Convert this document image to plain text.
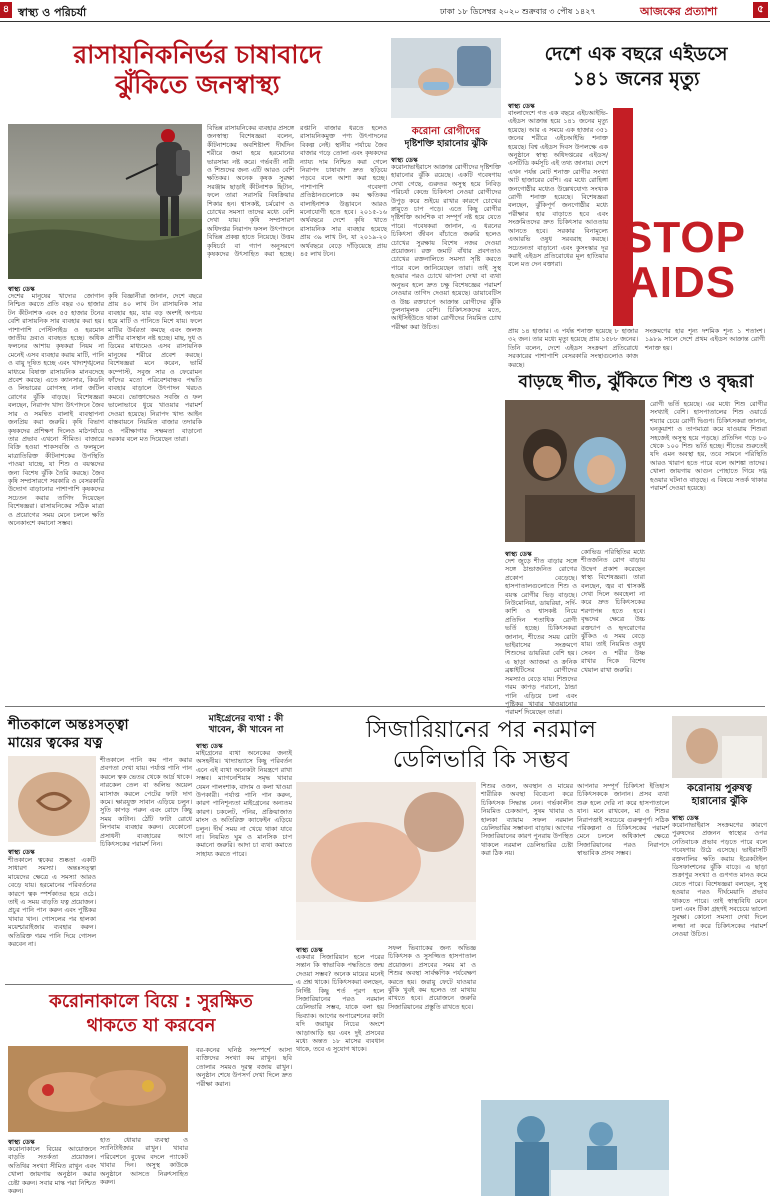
৪ স্বাস্থ্য ও পরিচর্যা	ঢাকা ১৮ ডিসেম্বর ২০২০ শুক্রবার ৩ পৌষ ১৪২৭	আজকের প্রত্যাশা	৫
রাসায়নিকনির্ভর চাষাবাদে
ঝুঁকিতে জনস্বাস্থ্য
স্বাস্থ্য ডেস্ক
দেশের মানুষের খাদ্যের জোগান নিশ্চিত করতে প্রতি বছর ৩০ হাজার টন কীটনাশক এবং ৫৫ হাজার টনের বেশি রাসায়নিক সার ব্যবহার করা হয়। পাশাপাশি পেস্টিসাইড ও হরমোন জাতীয় দ্রব্যও ব্যবহৃত হচ্ছে। অধিক ফলনের আশায় কৃষকরা নিয়ম না মেনেই এসব ব্যবহার করায় মাটি, পানি ও বায়ু দূষিত হচ্ছে এবং খাদ্যশৃঙ্খলের মাধ্যমে বিষাক্ত রাসায়নিক মানবদেহে প্রবেশ করছে। এতে ক্যানসার, কিডনি ও লিভারের রোগসহ নানা জটিল রোগের ঝুঁকি বাড়ছে। বিশেষজ্ঞরা বলছেন, নিরাপদ খাদ্য উৎপাদনে জৈব সার ও সমন্বিত বালাই ব্যবস্থাপনা জনপ্রিয় করা জরুরি। কৃষি বিভাগ কৃষকদের প্রশিক্ষণ দিলেও মাঠপর্যায়ে তার প্রভাব এখনো সীমিত। বাজারে বিক্রি হওয়া শাকসবজি ও ফলমূলে মাত্রাতিরিক্ত কীটনাশকের উপস্থিতি পাওয়া যাচ্ছে, যা শিশু ও বয়স্কদের জন্য বিশেষ ঝুঁকি তৈরি করছে। জৈব কৃষি সম্প্রসারণে সরকারি ও বেসরকারি উদ্যোগ বাড়ানোর পাশাপাশি কৃষকদের সচেতন করার তাগিদ দিয়েছেন বিশেষজ্ঞরা। রাসায়নিকের সঠিক মাত্রা ও প্রয়োগের সময় মেনে চললে ক্ষতি অনেকাংশে কমানো সম্ভব।
কৃষি বিজ্ঞানীরা জানান, দেশে বছরে প্রায় ৪০ লাখ টন রাসায়নিক সার ব্যবহার হয়, যার বড় অংশই অপচয় হয়ে মাটি ও পানিতে মিশে যায়। ফলে মাটির উর্বরতা কমছে এবং জলজ প্রাণীর বাসস্থান নষ্ট হচ্ছে। মাছ, দুধ ও ডিমের মাধ্যমেও এসব রাসায়নিক মানুষের শরীরে প্রবেশ করছে। বিশেষজ্ঞরা মনে করেন, ভার্মি কম্পোস্ট, সবুজ সার ও ফেরোমন ফাঁদের মতো পরিবেশবান্ধব পদ্ধতি ব্যবহার বাড়ালে উৎপাদন খরচও কমবে। ভোক্তাদেরও সবজি ও ফল ভালোভাবে ধুয়ে খাওয়ার পরামর্শ দেওয়া হয়েছে। নিরাপদ খাদ্য আইন বাস্তবায়নে নিয়মিত বাজার তদারকি ও পরীক্ষাগার সক্ষমতা বাড়ানো দরকার বলে মত দিয়েছেন তারা।
বিভিন্ন রাসায়নিকের ব্যবহার প্রসঙ্গে জনস্বাস্থ্য বিশেষজ্ঞরা বলেন, কীটনাশকের অবশিষ্টাংশ দীর্ঘদিন শরীরে জমা হয়ে হরমোনের ভারসাম্য নষ্ট করে। গর্ভবতী নারী ও শিশুদের জন্য এটি আরও বেশি ক্ষতিকর। অনেক কৃষক সুরক্ষা সরঞ্জাম ছাড়াই কীটনাশক ছিটান, ফলে তারা সরাসরি বিষক্রিয়ার শিকার হন। শ্বাসকষ্ট, চর্মরোগ ও চোখের সমস্যা তাদের মধ্যে বেশি দেখা যায়। কৃষি সম্প্রসারণ অধিদপ্তর নিরাপদ ফসল উৎপাদনে বিভিন্ন প্রকল্প হাতে নিয়েছে। উত্তম কৃষিচর্চা বা গ্যাপ অনুসরণে কৃষকদের উৎসাহিত করা হচ্ছে। রপ্তানি বাজার ধরতে হলেও রাসায়নিকমুক্ত পণ্য উৎপাদনের বিকল্প নেই। স্থানীয় পর্যায়ে জৈব বাজার গড়ে তোলা এবং কৃষকদের ন্যায্য দাম নিশ্চিত করা গেলে নিরাপদ চাষাবাদ দ্রুত ছড়িয়ে পড়বে বলে আশা করা হচ্ছে। পাশাপাশি গবেষণা প্রতিষ্ঠানগুলোকে কম ক্ষতিকর বালাইনাশক উদ্ভাবনে আরও মনোযোগী হতে হবে। ২০১৫-১৬ অর্থবছরে দেশে কৃষি খাতে রাসায়নিক সার ব্যবহার হয়েছে প্রায় ৩৯ লাখ টন, যা ২০১৯-২০ অর্থবছরে বেড়ে দাঁড়িয়েছে প্রায় ৪৫ লাখ টনে।
করোনা রোগীদের
দৃষ্টিশক্তি হারানোর ঝুঁকি
স্বাস্থ্য ডেস্ক
করোনাভাইরাসে আক্রান্ত রোগীদের দৃষ্টিশক্তি হারানোর ঝুঁকি রয়েছে। একটি গবেষণায় দেখা গেছে, গুরুতর অসুস্থ হয়ে নিবিড় পরিচর্যা কেন্দ্রে চিকিৎসা নেওয়া রোগীদের উপুড় করে শুইয়ে রাখার কারণে চোখের স্নায়ুতে চাপ পড়ে। এতে কিছু রোগীর দৃষ্টিশক্তি আংশিক বা সম্পূর্ণ নষ্ট হয়ে যেতে পারে। গবেষকরা জানান, এ ধরনের চিকিৎসা জীবন বাঁচাতে জরুরি হলেও চোখের সুরক্ষায় বিশেষ নজর দেওয়া প্রয়োজন। রক্ত জমাট বাঁধার প্রবণতাও চোখের রক্তনালিতে সমস্যা সৃষ্টি করতে পারে বলে জানিয়েছেন তারা। তাই সুস্থ হওয়ার পরও চোখে ঝাপসা দেখা বা ব্যথা অনুভব হলে দ্রুত চক্ষু বিশেষজ্ঞের পরামর্শ নেওয়ার তাগিদ দেওয়া হয়েছে। ডায়াবেটিস ও উচ্চ রক্তচাপে আক্রান্ত রোগীদের ঝুঁকি তুলনামূলক বেশি। চিকিৎসকদের মতে, আইসিইউতে থাকা রোগীদের নিয়মিত চোখ পরীক্ষা করা উচিত।
দেশে এক বছরে এইডসে
১৪১ জনের মৃত্যু
স্বাস্থ্য ডেস্ক
বাংলাদেশে গত এক বছরে এইচআইভি-এইডস আক্রান্ত হয়ে ১৪১ জনের মৃত্যু হয়েছে। আর এ সময়ে এক হাজার ৩৫১ জনের শরীরে এইচআইভি শনাক্ত হয়েছে। বিশ্ব এইডস দিবস উপলক্ষে এক অনুষ্ঠানে স্বাস্থ্য অধিদপ্তরের এইডস/এসটিডি কর্মসূচি এই তথ্য জানায়। দেশে এখন পর্যন্ত মোট শনাক্ত রোগীর সংখ্যা আট হাজারের বেশি। এর মধ্যে রোহিঙ্গা জনগোষ্ঠীর মধ্যেও উল্লেখযোগ্য সংখ্যক রোগী শনাক্ত হয়েছে। বিশেষজ্ঞরা বলছেন, ঝুঁকিপূর্ণ জনগোষ্ঠীর মধ্যে পরীক্ষার হার বাড়াতে হবে এবং সংক্রমিতদের দ্রুত চিকিৎসার আওতায় আনতে হবে। সরকার বিনামূল্যে এআরভি ওষুধ সরবরাহ করছে। সচেতনতা বাড়ানো এবং কুসংস্কার দূর করাই এইডস প্রতিরোধের মূল হাতিয়ার বলে মত দেন বক্তারা।
STOP
AIDS
প্রায় ১৪ হাজার। এ পর্যন্ত শনাক্ত হয়েছে ৮ হাজার ৩২ জন। তার মধ্যে মৃত্যু হয়েছে প্রায় ১৫৮৮ জনের। তিনি বলেন, দেশে এইডস সংক্রমণ প্রতিরোধে সরকারের পাশাপাশি বেসরকারি সংস্থাগুলোও কাজ করছে।
সংক্রমণের হার শূন্য দশমিক শূন্য ১ শতাংশ। ১৯৮৯ সালে দেশে প্রথম এইডস আক্রান্ত রোগী শনাক্ত হয়।
বাড়ছে শীত, ঝুঁকিতে শিশু ও বৃদ্ধরা
স্বাস্থ্য ডেস্ক
দেশ জুড়ে শীত বাড়ার সঙ্গে সঙ্গে ঠান্ডাজনিত রোগের প্রকোপ বেড়েছে। হাসপাতালগুলোতে শিশু ও বয়স্ক রোগীর ভিড় বাড়ছে। নিউমোনিয়া, ডায়রিয়া, সর্দি-কাশি ও শ্বাসকষ্ট নিয়ে প্রতিদিন শতাধিক রোগী ভর্তি হচ্ছে। চিকিৎসকরা জানান, শীতের সময় রোটা ভাইরাসের সংক্রমণে শিশুদের ডায়রিয়া বেশি হয়। এ ছাড়া অ্যাজমা ও ক্রনিক ব্রঙ্কাইটিসের রোগীদের সমস্যাও বেড়ে যায়। শিশুদের গরম কাপড় পরানো, ঠান্ডা পানি এড়িয়ে চলা এবং পুষ্টিকর খাবার খাওয়ানোর পরামর্শ দিয়েছেন তারা।
কোভিড পরিস্থিতির মধ্যে শীতজনিত রোগ বাড়ায় উদ্বেগ প্রকাশ করেছেন স্বাস্থ্য বিশেষজ্ঞরা। তারা বলছেন, জ্বর বা শ্বাসকষ্ট দেখা দিলে অবহেলা না করে দ্রুত চিকিৎসকের শরণাপন্ন হতে হবে। বৃদ্ধদের ক্ষেত্রে উচ্চ রক্তচাপ ও হৃদরোগের ঝুঁকিও এ সময় বেড়ে যায়। তাই নিয়মিত ওষুধ সেবন ও শরীর উষ্ণ রাখার দিকে বিশেষ খেয়াল রাখা জরুরি।
রোগী ভর্তি হয়েছে। এর মধ্যে শিশু রোগীর সংখ্যাই বেশি। হাসপাতালের শিশু ওয়ার্ডে শয্যার চেয়ে রোগী দ্বিগুণ। চিকিৎসকরা জানান, ঘনকুয়াশা ও তাপমাত্রা কমে যাওয়ায় শিশুরা সহজেই অসুস্থ হয়ে পড়ছে। প্রতিদিন গড়ে ৮০ থেকে ১০০ শিশু ভর্তি হচ্ছে। শীতের শুরুতেই যদি এমন অবস্থা হয়, তবে সামনে পরিস্থিতি আরও খারাপ হতে পারে বলে আশঙ্কা তাদের। খোলা জায়গায় আগুন পোহাতে গিয়ে দগ্ধ হওয়ার ঘটনাও বাড়ছে। এ বিষয়ে সতর্ক থাকার পরামর্শ দেওয়া হয়েছে।
শীতকালে অন্তঃসত্ত্বা
মায়ের ত্বকের যত্ন
স্বাস্থ্য ডেস্ক
শীতকালে ত্বকের শুষ্কতা একটি সাধারণ সমস্যা। অন্তঃসত্ত্বা মায়েদের ক্ষেত্রে এ সমস্যা আরও বেড়ে যায়। হরমোনের পরিবর্তনের কারণে ত্বক স্পর্শকাতর হয়ে ওঠে। তাই এ সময় বাড়তি যত্ন প্রয়োজন। প্রচুর পানি পান করুন এবং পুষ্টিকর খাবার খান। গোসলের পর হালকা ময়েশ্চারাইজার ব্যবহার করুন। অতিরিক্ত গরম পানি দিয়ে গোসল করবেন না।
শীতকালে পানি কম পান করার প্রবণতা দেখা যায়। পর্যাপ্ত পানি পান করলে ত্বক ভেতর থেকে আর্দ্র থাকে। নারকেল তেল বা অলিভ অয়েল ম্যাসাজ করলে পেটের ফাটা দাগ কমে। ক্ষারযুক্ত সাবান এড়িয়ে চলুন। সুতি কাপড় পরুন এবং রোদে কিছু সময় কাটান। ঠোঁট ফাটা রোধে লিপবাম ব্যবহার করুন। যেকোনো প্রসাধনী ব্যবহারের আগে চিকিৎসকের পরামর্শ নিন।
মাইগ্রেনের ব্যথা : কী খাবেন, কী খাবেন না
স্বাস্থ্য ডেস্ক
মাইগ্রেনের ব্যথা অনেকের জন্যই অসহনীয়। খাদ্যাভ্যাসে কিছু পরিবর্তন এনে এই ব্যথা অনেকটা নিয়ন্ত্রণে রাখা সম্ভব। ম্যাগনেশিয়াম সমৃদ্ধ খাবার যেমন পালংশাক, বাদাম ও কলা খাওয়া উপকারী। পর্যাপ্ত পানি পান করুন, কারণ পানিশূন্যতা মাইগ্রেনের অন্যতম কারণ। চকলেট, পনির, প্রক্রিয়াজাত মাংস ও অতিরিক্ত ক্যাফেইন এড়িয়ে চলুন। দীর্ঘ সময় না খেয়ে থাকা যাবে না। নিয়মিত ঘুম ও মানসিক চাপ কমানো জরুরি। আদা চা ব্যথা কমাতে সাহায্য করতে পারে।
সিজারিয়ানের পর নরমাল
ডেলিভারি কি সম্ভব
স্বাস্থ্য ডেস্ক
একবার সিজারিয়ান হলে পরের সন্তান কি স্বাভাবিক পদ্ধতিতে জন্ম দেওয়া সম্ভব? অনেক মায়ের মনেই এ প্রশ্ন থাকে। চিকিৎসকরা বলছেন, নির্দিষ্ট কিছু শর্ত পূরণ হলে সিজারিয়ানের পরও নরমাল ডেলিভারি সম্ভব, যাকে বলা হয় ভিব্যাক। আগের অপারেশনের কাটা যদি জরায়ুর নিচের অংশে আড়াআড়ি হয় এবং দুই প্রসবের মধ্যে অন্তত ১৮ মাসের ব্যবধান থাকে, তবে এ সুযোগ থাকে।
সফল ভিব্যাকের জন্য অভিজ্ঞ চিকিৎসক ও সুসজ্জিত হাসপাতাল প্রয়োজন। প্রসবের সময় মা ও শিশুর অবস্থা সার্বক্ষণিক পর্যবেক্ষণ করতে হয়। জরায়ু ফেটে যাওয়ার ঝুঁকি খুবই কম হলেও তা মাথায় রাখতে হবে। প্রয়োজনে জরুরি সিজারিয়ানের প্রস্তুতি রাখতে হবে।
শিশুর ওজন, অবস্থান ও মায়ের শারীরিক অবস্থা বিবেচনা করে চিকিৎসক সিদ্ধান্ত নেন। গর্ভকালীন নিয়মিত চেকআপ, সুষম খাবার ও হালকা ব্যায়াম সফল নরমাল ডেলিভারির সম্ভাবনা বাড়ায়। আগের সিজারিয়ানের কারণ পুনরায় উপস্থিত থাকলে নরমাল ডেলিভারির চেষ্টা করা ঠিক নয়।
আপনার সম্পূর্ণ চিকিৎসা ইতিহাস চিকিৎসককে জানান। প্রসব ব্যথা শুরু হলে দেরি না করে হাসপাতালে যান। মনে রাখবেন, মা ও শিশুর নিরাপত্তাই সবচেয়ে গুরুত্বপূর্ণ। সঠিক পরিকল্পনা ও চিকিৎসকের পরামর্শ মেনে চললে অধিকাংশ ক্ষেত্রে সিজারিয়ানের পরও নিরাপদে স্বাভাবিক প্রসব সম্ভব।
করোনায় পুরুষত্ব
হারানোর ঝুঁকি
স্বাস্থ্য ডেস্ক
করোনাভাইরাস সংক্রমণের কারণে পুরুষদের প্রজনন স্বাস্থ্যের ওপর নেতিবাচক প্রভাব পড়তে পারে বলে গবেষণায় উঠে এসেছে। ভাইরাসটি রক্তনালির ক্ষতি করায় ইরেকটাইল ডিসফাংশনের ঝুঁকি বাড়ে। এ ছাড়া শুক্রাণুর সংখ্যা ও গুণগত মানও কমে যেতে পারে। বিশেষজ্ঞরা বলছেন, সুস্থ হওয়ার পরও দীর্ঘমেয়াদি প্রভাব থাকতে পারে। তাই স্বাস্থ্যবিধি মেনে চলা এবং টিকা গ্রহণই সবচেয়ে ভালো সুরক্ষা। কোনো সমস্যা দেখা দিলে লজ্জা না করে চিকিৎসকের পরামর্শ নেওয়া উচিত।
করোনাকালে বিয়ে : সুরক্ষিত
থাকতে যা করবেন
স্বাস্থ্য ডেস্ক
করোনাকালে বিয়ের আয়োজনে বাড়তি সতর্কতা প্রয়োজন। অতিথির সংখ্যা সীমিত রাখুন এবং খোলা জায়গায় অনুষ্ঠান করার চেষ্টা করুন। সবার মাস্ক পরা নিশ্চিত করুন।
হাত ধোয়ার ব্যবস্থা ও স্যানিটাইজার রাখুন। খাবার পরিবেশনে বুফের বদলে প্যাকেট খাবার দিন। অসুস্থ কাউকে অনুষ্ঠানে আসতে নিরুৎসাহিত করুন।
বর-কনের ঘনিষ্ঠ সংস্পর্শে আসা ব্যক্তিদের সংখ্যা কম রাখুন। ছবি তোলার সময়ও দূরত্ব বজায় রাখুন। অনুষ্ঠান শেষে উপসর্গ দেখা দিলে দ্রুত পরীক্ষা করান।
